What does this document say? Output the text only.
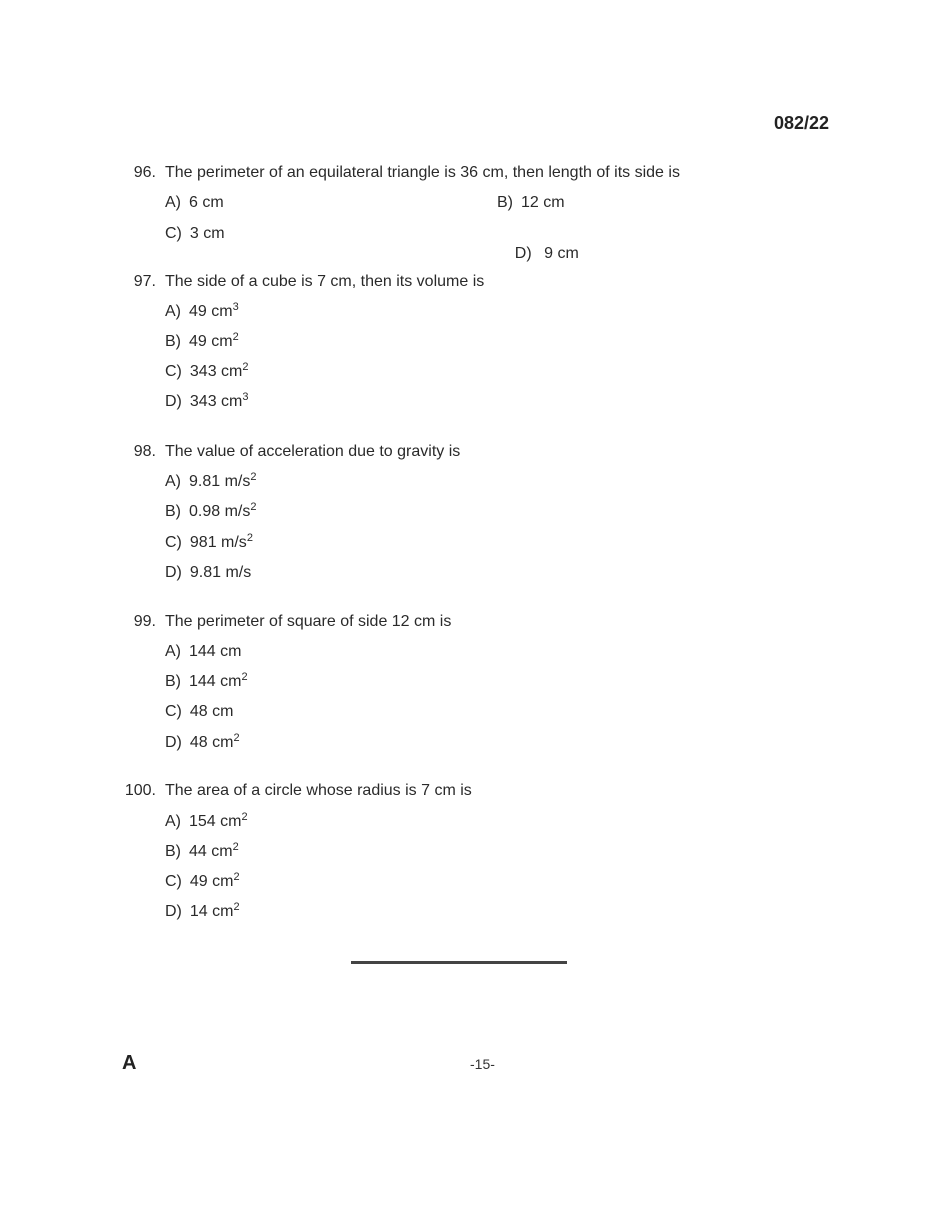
082/22
96. The perimeter of an equilateral triangle is 36 cm, then length of its side is
A) 6 cm	B) 12 cm
C) 3 cm

D) 9 cm

97. The side of a cube is 7 cm, then its volume is
A) 49 $cm^3$
B) 49 $cm^2$
C) 343 $cm^2$
D) 343 $cm^3$
98. The value of acceleration due to gravity is
A) 9.81 $m/s^2$
B) 0.98 $m/s^2$
C) 981 $m/s^2$
D) 9.81 m/s
99. The perimeter of square of side 12 cm is
A) 144 cm
B) 144 $cm^2$
C) 48 cm
D) 48 $cm^2$
100. The area of a circle whose radius is 7 cm is
A) 154 $cm^2$
B) 44 $cm^2$
C) 49 $cm^2$
D) 14 $cm^2$
A	-15-
